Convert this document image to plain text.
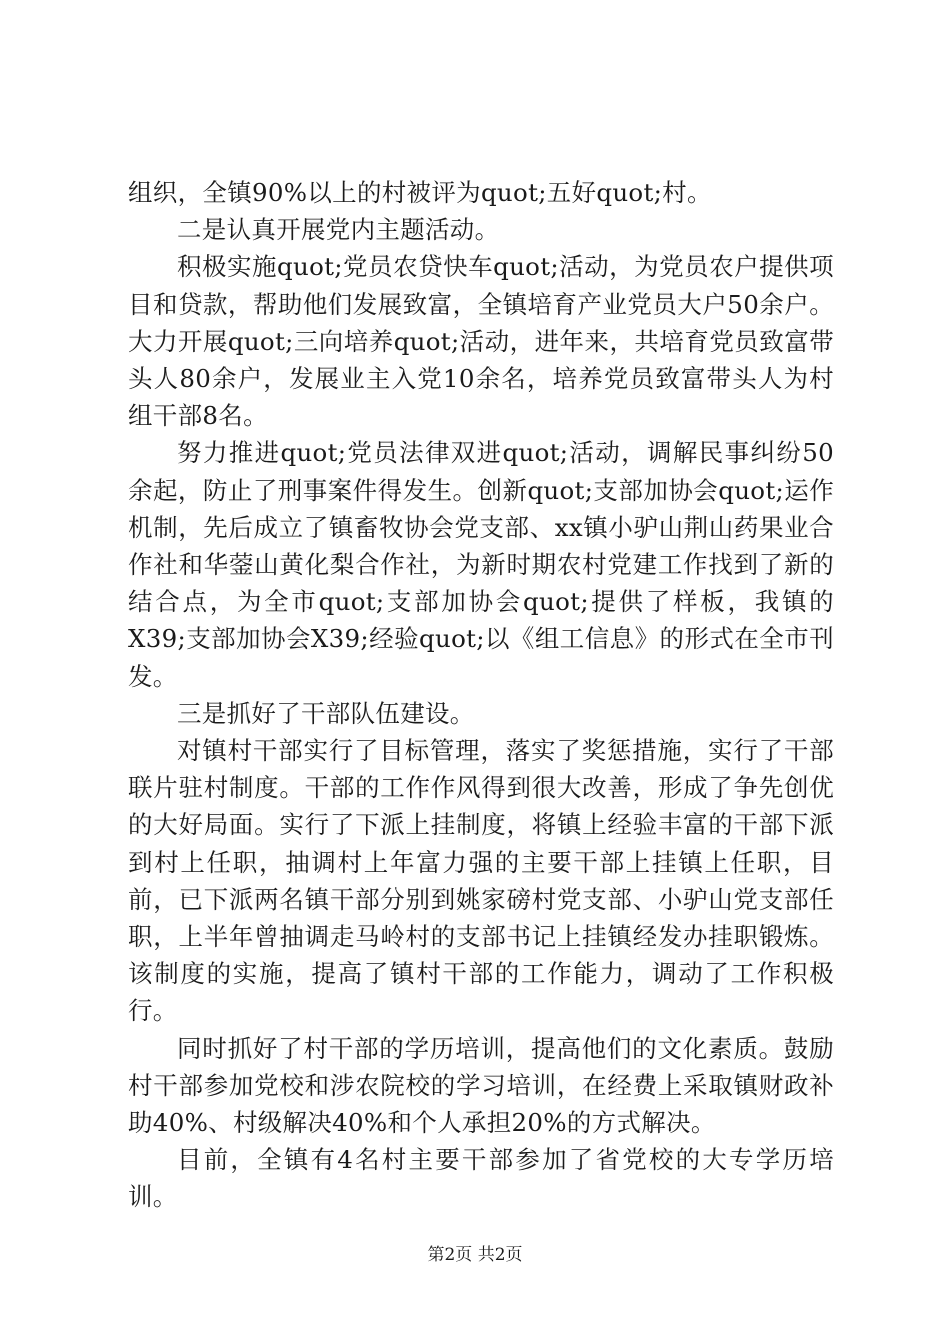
组织，全镇90%以上的村被评为quot;五好quot;村。

二是认真开展党内主题活动。

积极实施quot;党员农贷快车quot;活动，为党员农户提供项目和贷款，帮助他们发展致富，全镇培育产业党员大户50余户。大力开展quot;三向培养quot;活动，进年来，共培育党员致富带头人80余户，发展业主入党10余名，培养党员致富带头人为村组干部8名。

努力推进quot;党员法律双进quot;活动，调解民事纠纷50余起，防止了刑事案件得发生。创新quot;支部加协会quot;运作机制，先后成立了镇畜牧协会党支部、xx镇小驴山荆山药果业合作社和华蓥山黄化梨合作社，为新时期农村党建工作找到了新的结合点，为全市quot;支部加协会quot;提供了样板，我镇的X39;支部加协会X39;经验quot;以《组工信息》的形式在全市刊发。

三是抓好了干部队伍建设。

对镇村干部实行了目标管理，落实了奖惩措施，实行了干部联片驻村制度。干部的工作作风得到很大改善，形成了争先创优的大好局面。实行了下派上挂制度，将镇上经验丰富的干部下派到村上任职，抽调村上年富力强的主要干部上挂镇上任职，目前，已下派两名镇干部分别到姚家磅村党支部、小驴山党支部任职，上半年曾抽调走马岭村的支部书记上挂镇经发办挂职锻炼。该制度的实施，提高了镇村干部的工作能力，调动了工作积极行。

同时抓好了村干部的学历培训，提高他们的文化素质。鼓励村干部参加党校和涉农院校的学习培训，在经费上采取镇财政补助40%、村级解决40%和个人承担20%的方式解决。

目前，全镇有4名村主要干部参加了省党校的大专学历培训。

第2页 共2页
